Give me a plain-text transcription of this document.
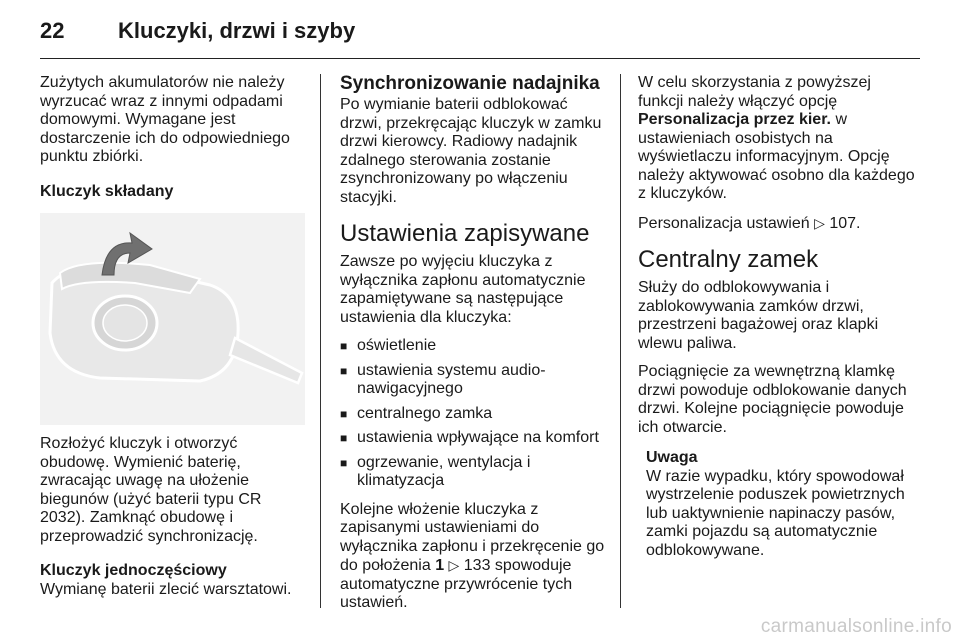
22	Kluczyki, drzwi i szyby

Zużytych akumulatorów nie należy wyrzucać wraz z innymi odpadami domowymi. Wymagane jest dostarczenie ich do odpowiedniego punktu zbiórki.

Kluczyk składany

Rozłożyć kluczyk i otworzyć obudowę. Wymienić baterię, zwracając uwagę na ułożenie biegunów (użyć baterii typu CR 2032). Zamknąć obudowę i przeprowadzić synchronizację.

Kluczyk jednoczęściowy

Wymianę baterii zlecić warsztatowi.

Synchronizowanie nadajnika

Po wymianie baterii odblokować drzwi, przekręcając kluczyk w zamku drzwi kierowcy. Radiowy nadajnik zdalnego sterowania zostanie zsynchronizowany po włączeniu stacyjki.

Ustawienia zapisywane

Zawsze po wyjęciu kluczyka z wyłącznika zapłonu automatycznie zapamiętywane są następujące ustawienia dla kluczyka:

■ oświetlenie
■ ustawienia systemu audio-nawigacyjnego
■ centralnego zamka
■ ustawienia wpływające na komfort
■ ogrzewanie, wentylacja i klimatyzacja

Kolejne włożenie kluczyka z zapisanymi ustawieniami do wyłącznika zapłonu i przekręcenie go do położenia 1 ▷ 133 spowoduje automatyczne przywrócenie tych ustawień.

W celu skorzystania z powyższej funkcji należy włączyć opcję Personalizacja przez kier. w ustawieniach osobistych na wyświetlaczu informacyjnym. Opcję należy aktywować osobno dla każdego z kluczyków.

Personalizacja ustawień ▷ 107.

Centralny zamek

Służy do odblokowywania i zablokowywania zamków drzwi, przestrzeni bagażowej oraz klapki wlewu paliwa.

Pociągnięcie za wewnętrzną klamkę drzwi powoduje odblokowanie danych drzwi. Kolejne pociągnięcie powoduje ich otwarcie.

Uwaga
W razie wypadku, który spowodował wystrzelenie poduszek powietrznych lub uaktywnienie napinaczy pasów, zamki pojazdu są automatycznie odblokowywane.
carmanualsonline.info
